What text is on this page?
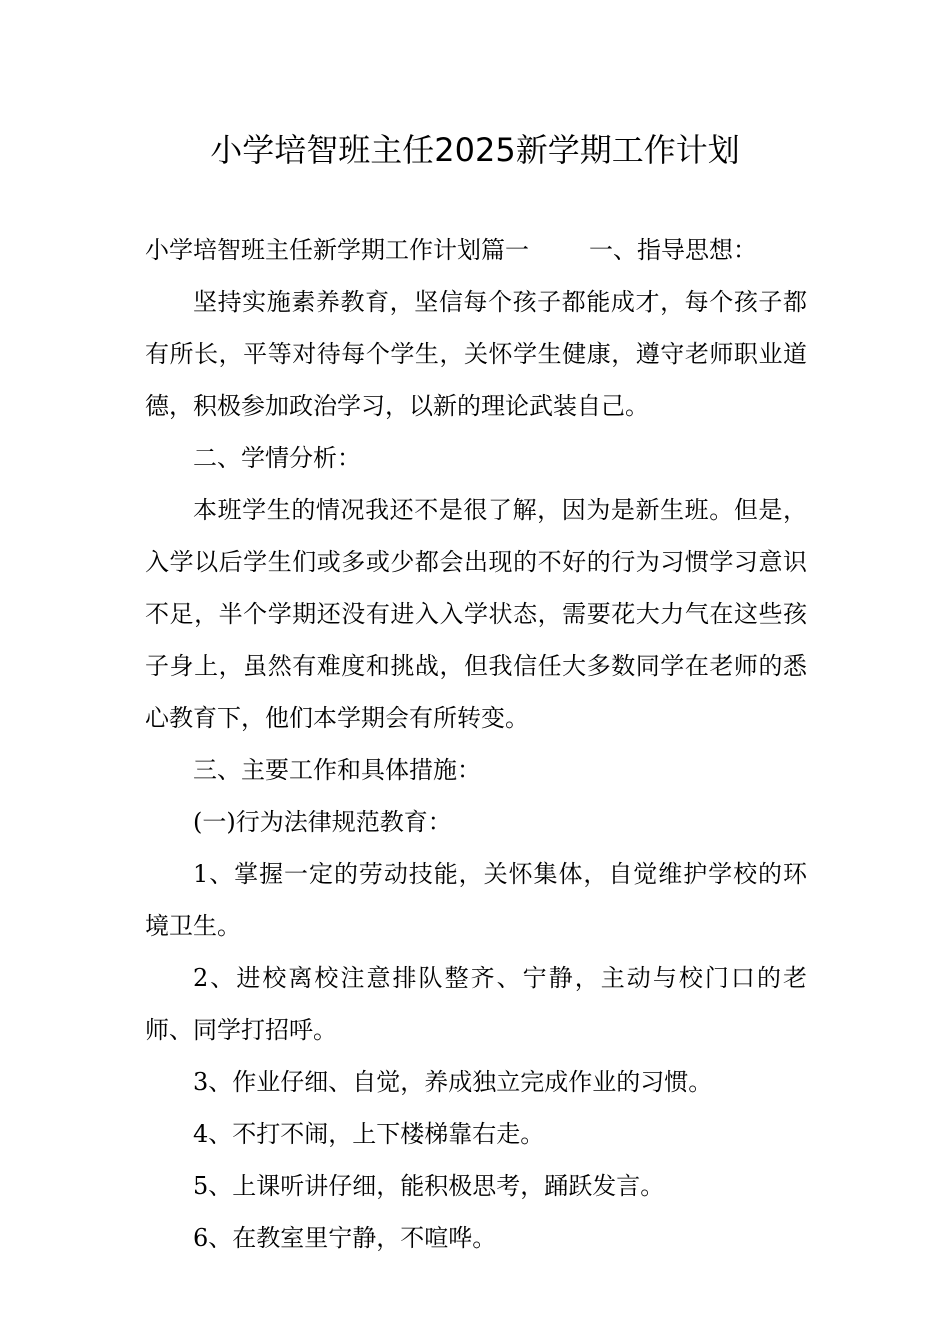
小学培智班主任2025新学期工作计划

小学培智班主任新学期工作计划篇一	一、指导思想：

坚持实施素养教育，坚信每个孩子都能成才，每个孩子都有所长，平等对待每个学生，关怀学生健康，遵守老师职业道德，积极参加政治学习，以新的理论武装自己。

二、学情分析：

本班学生的情况我还不是很了解，因为是新生班。但是，入学以后学生们或多或少都会出现的不好的行为习惯学习意识不足，半个学期还没有进入入学状态，需要花大力气在这些孩子身上，虽然有难度和挑战，但我信任大多数同学在老师的悉心教育下，他们本学期会有所转变。

三、主要工作和具体措施：

(一)行为法律规范教育：

1、掌握一定的劳动技能，关怀集体，自觉维护学校的环境卫生。

2、进校离校注意排队整齐、宁静，主动与校门口的老师、同学打招呼。

3、作业仔细、自觉，养成独立完成作业的习惯。

4、不打不闹，上下楼梯靠右走。

5、上课听讲仔细，能积极思考，踊跃发言。

6、在教室里宁静，不喧哗。
